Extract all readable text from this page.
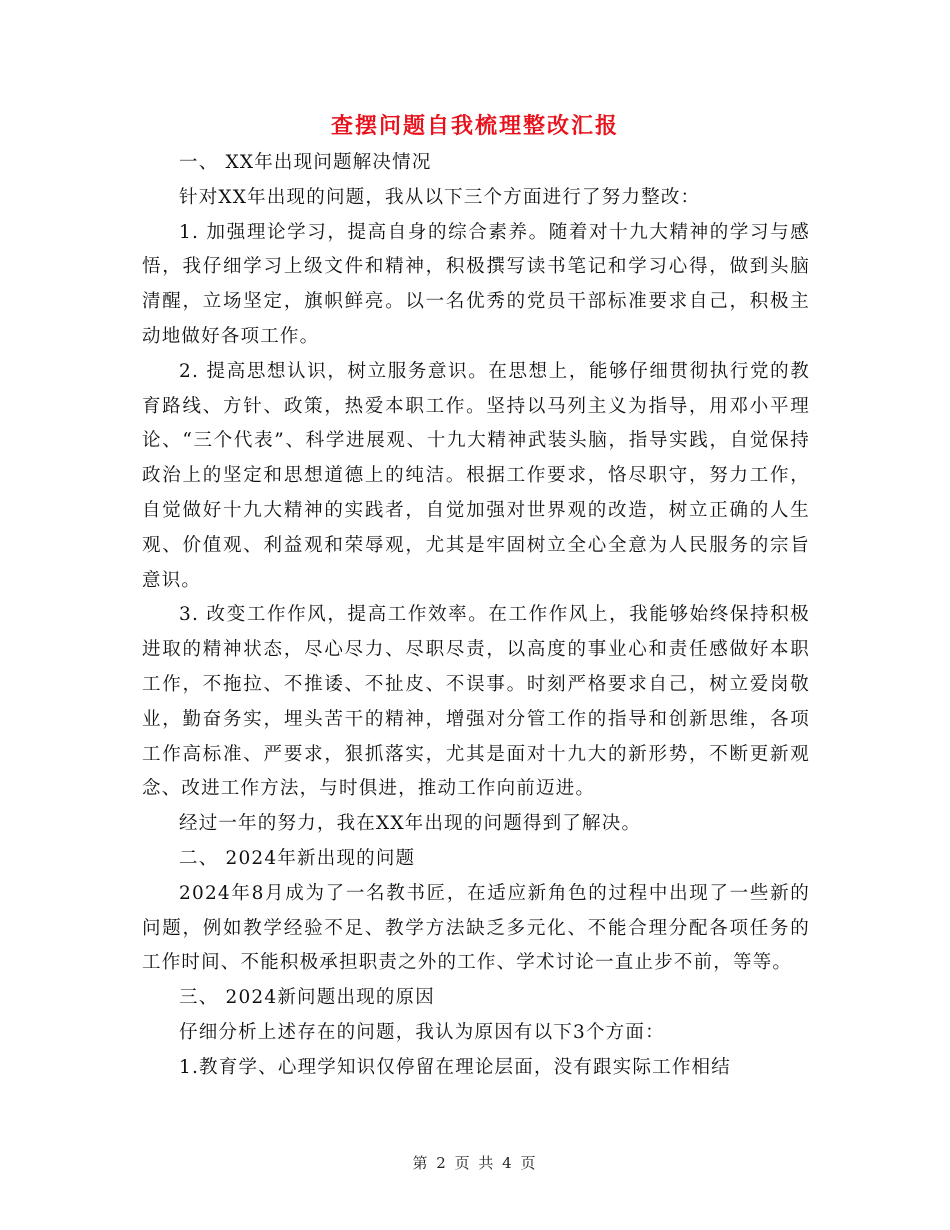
查摆问题自我梳理整改汇报

一、 XX年出现问题解决情况

针对XX年出现的问题，我从以下三个方面进行了努力整改：

1. 加强理论学习，提高自身的综合素养。随着对十九大精神的学习与感悟，我仔细学习上级文件和精神，积极撰写读书笔记和学习心得，做到头脑清醒，立场坚定，旗帜鲜亮。以一名优秀的党员干部标准要求自己，积极主动地做好各项工作。

2. 提高思想认识，树立服务意识。在思想上，能够仔细贯彻执行党的教育路线、方针、政策，热爱本职工作。坚持以马列主义为指导，用邓小平理论、“三个代表”、科学进展观、十九大精神武装头脑，指导实践，自觉保持政治上的坚定和思想道德上的纯洁。根据工作要求，恪尽职守，努力工作，自觉做好十九大精神的实践者，自觉加强对世界观的改造，树立正确的人生观、价值观、利益观和荣辱观，尤其是牢固树立全心全意为人民服务的宗旨意识。

3. 改变工作作风，提高工作效率。在工作作风上，我能够始终保持积极进取的精神状态，尽心尽力、尽职尽责，以高度的事业心和责任感做好本职工作，不拖拉、不推诿、不扯皮、不误事。时刻严格要求自己，树立爱岗敬业，勤奋务实，埋头苦干的精神，增强对分管工作的指导和创新思维，各项工作高标准、严要求，狠抓落实，尤其是面对十九大的新形势，不断更新观念、改进工作方法，与时俱进，推动工作向前迈进。

经过一年的努力，我在XX年出现的问题得到了解决。

二、 2024年新出现的问题

2024年8月成为了一名教书匠，在适应新角色的过程中出现了一些新的问题，例如教学经验不足、教学方法缺乏多元化、不能合理分配各项任务的工作时间、不能积极承担职责之外的工作、学术讨论一直止步不前，等等。

三、 2024新问题出现的原因

仔细分析上述存在的问题，我认为原因有以下3个方面：

1.教育学、心理学知识仅停留在理论层面，没有跟实际工作相结

第 2 页 共 4 页
